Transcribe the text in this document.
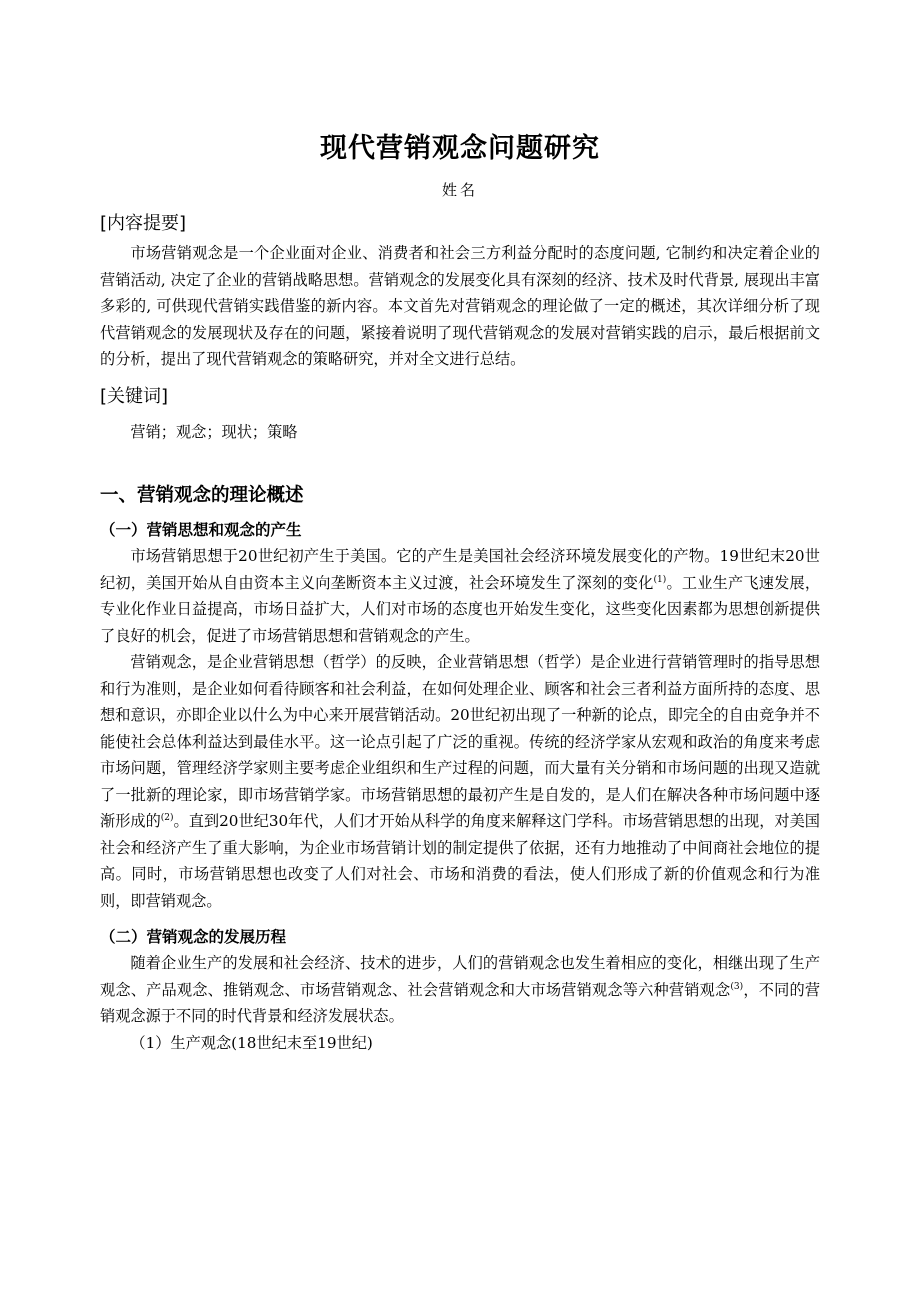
现代营销观念问题研究
姓名
[内容提要]

市场营销观念是一个企业面对企业、消费者和社会三方利益分配时的态度问题, 它制约和决定着企业的营销活动, 决定了企业的营销战略思想。营销观念的发展变化具有深刻的经济、技术及时代背景, 展现出丰富多彩的, 可供现代营销实践借鉴的新内容。本文首先对营销观念的理论做了一定的概述，其次详细分析了现代营销观念的发展现状及存在的问题，紧接着说明了现代营销观念的发展对营销实践的启示，最后根据前文的分析，提出了现代营销观念的策略研究，并对全文进行总结。

[关键词]

营销；观念；现状；策略

一、营销观念的理论概述
（一）营销思想和观念的产生

市场营销思想于20世纪初产生于美国。它的产生是美国社会经济环境发展变化的产物。19世纪末20世纪初，美国开始从自由资本主义向垄断资本主义过渡，社会环境发生了深刻的变化$^{(1)}$。工业生产飞速发展，专业化作业日益提高，市场日益扩大，人们对市场的态度也开始发生变化，这些变化因素都为思想创新提供了良好的机会，促进了市场营销思想和营销观念的产生。

营销观念，是企业营销思想（哲学）的反映，企业营销思想（哲学）是企业进行营销管理时的指导思想和行为准则，是企业如何看待顾客和社会利益，在如何处理企业、顾客和社会三者利益方面所持的态度、思想和意识，亦即企业以什么为中心来开展营销活动。20世纪初出现了一种新的论点，即完全的自由竞争并不能使社会总体利益达到最佳水平。这一论点引起了广泛的重视。传统的经济学家从宏观和政治的角度来考虑市场问题，管理经济学家则主要考虑企业组织和生产过程的问题，而大量有关分销和市场问题的出现又造就了一批新的理论家，即市场营销学家。市场营销思想的最初产生是自发的，是人们在解决各种市场问题中逐渐形成的$^{(2)}$。直到20世纪30年代，人们才开始从科学的角度来解释这门学科。市场营销思想的出现，对美国社会和经济产生了重大影响，为企业市场营销计划的制定提供了依据，还有力地推动了中间商社会地位的提高。同时，市场营销思想也改变了人们对社会、市场和消费的看法，使人们形成了新的价值观念和行为准则，即营销观念。

（二）营销观念的发展历程

随着企业生产的发展和社会经济、技术的进步，人们的营销观念也发生着相应的变化，相继出现了生产观念、产品观念、推销观念、市场营销观念、社会营销观念和大市场营销观念等六种营销观念$^{(3)}$，不同的营销观念源于不同的时代背景和经济发展状态。

（1）生产观念(18世纪末至19世纪)
